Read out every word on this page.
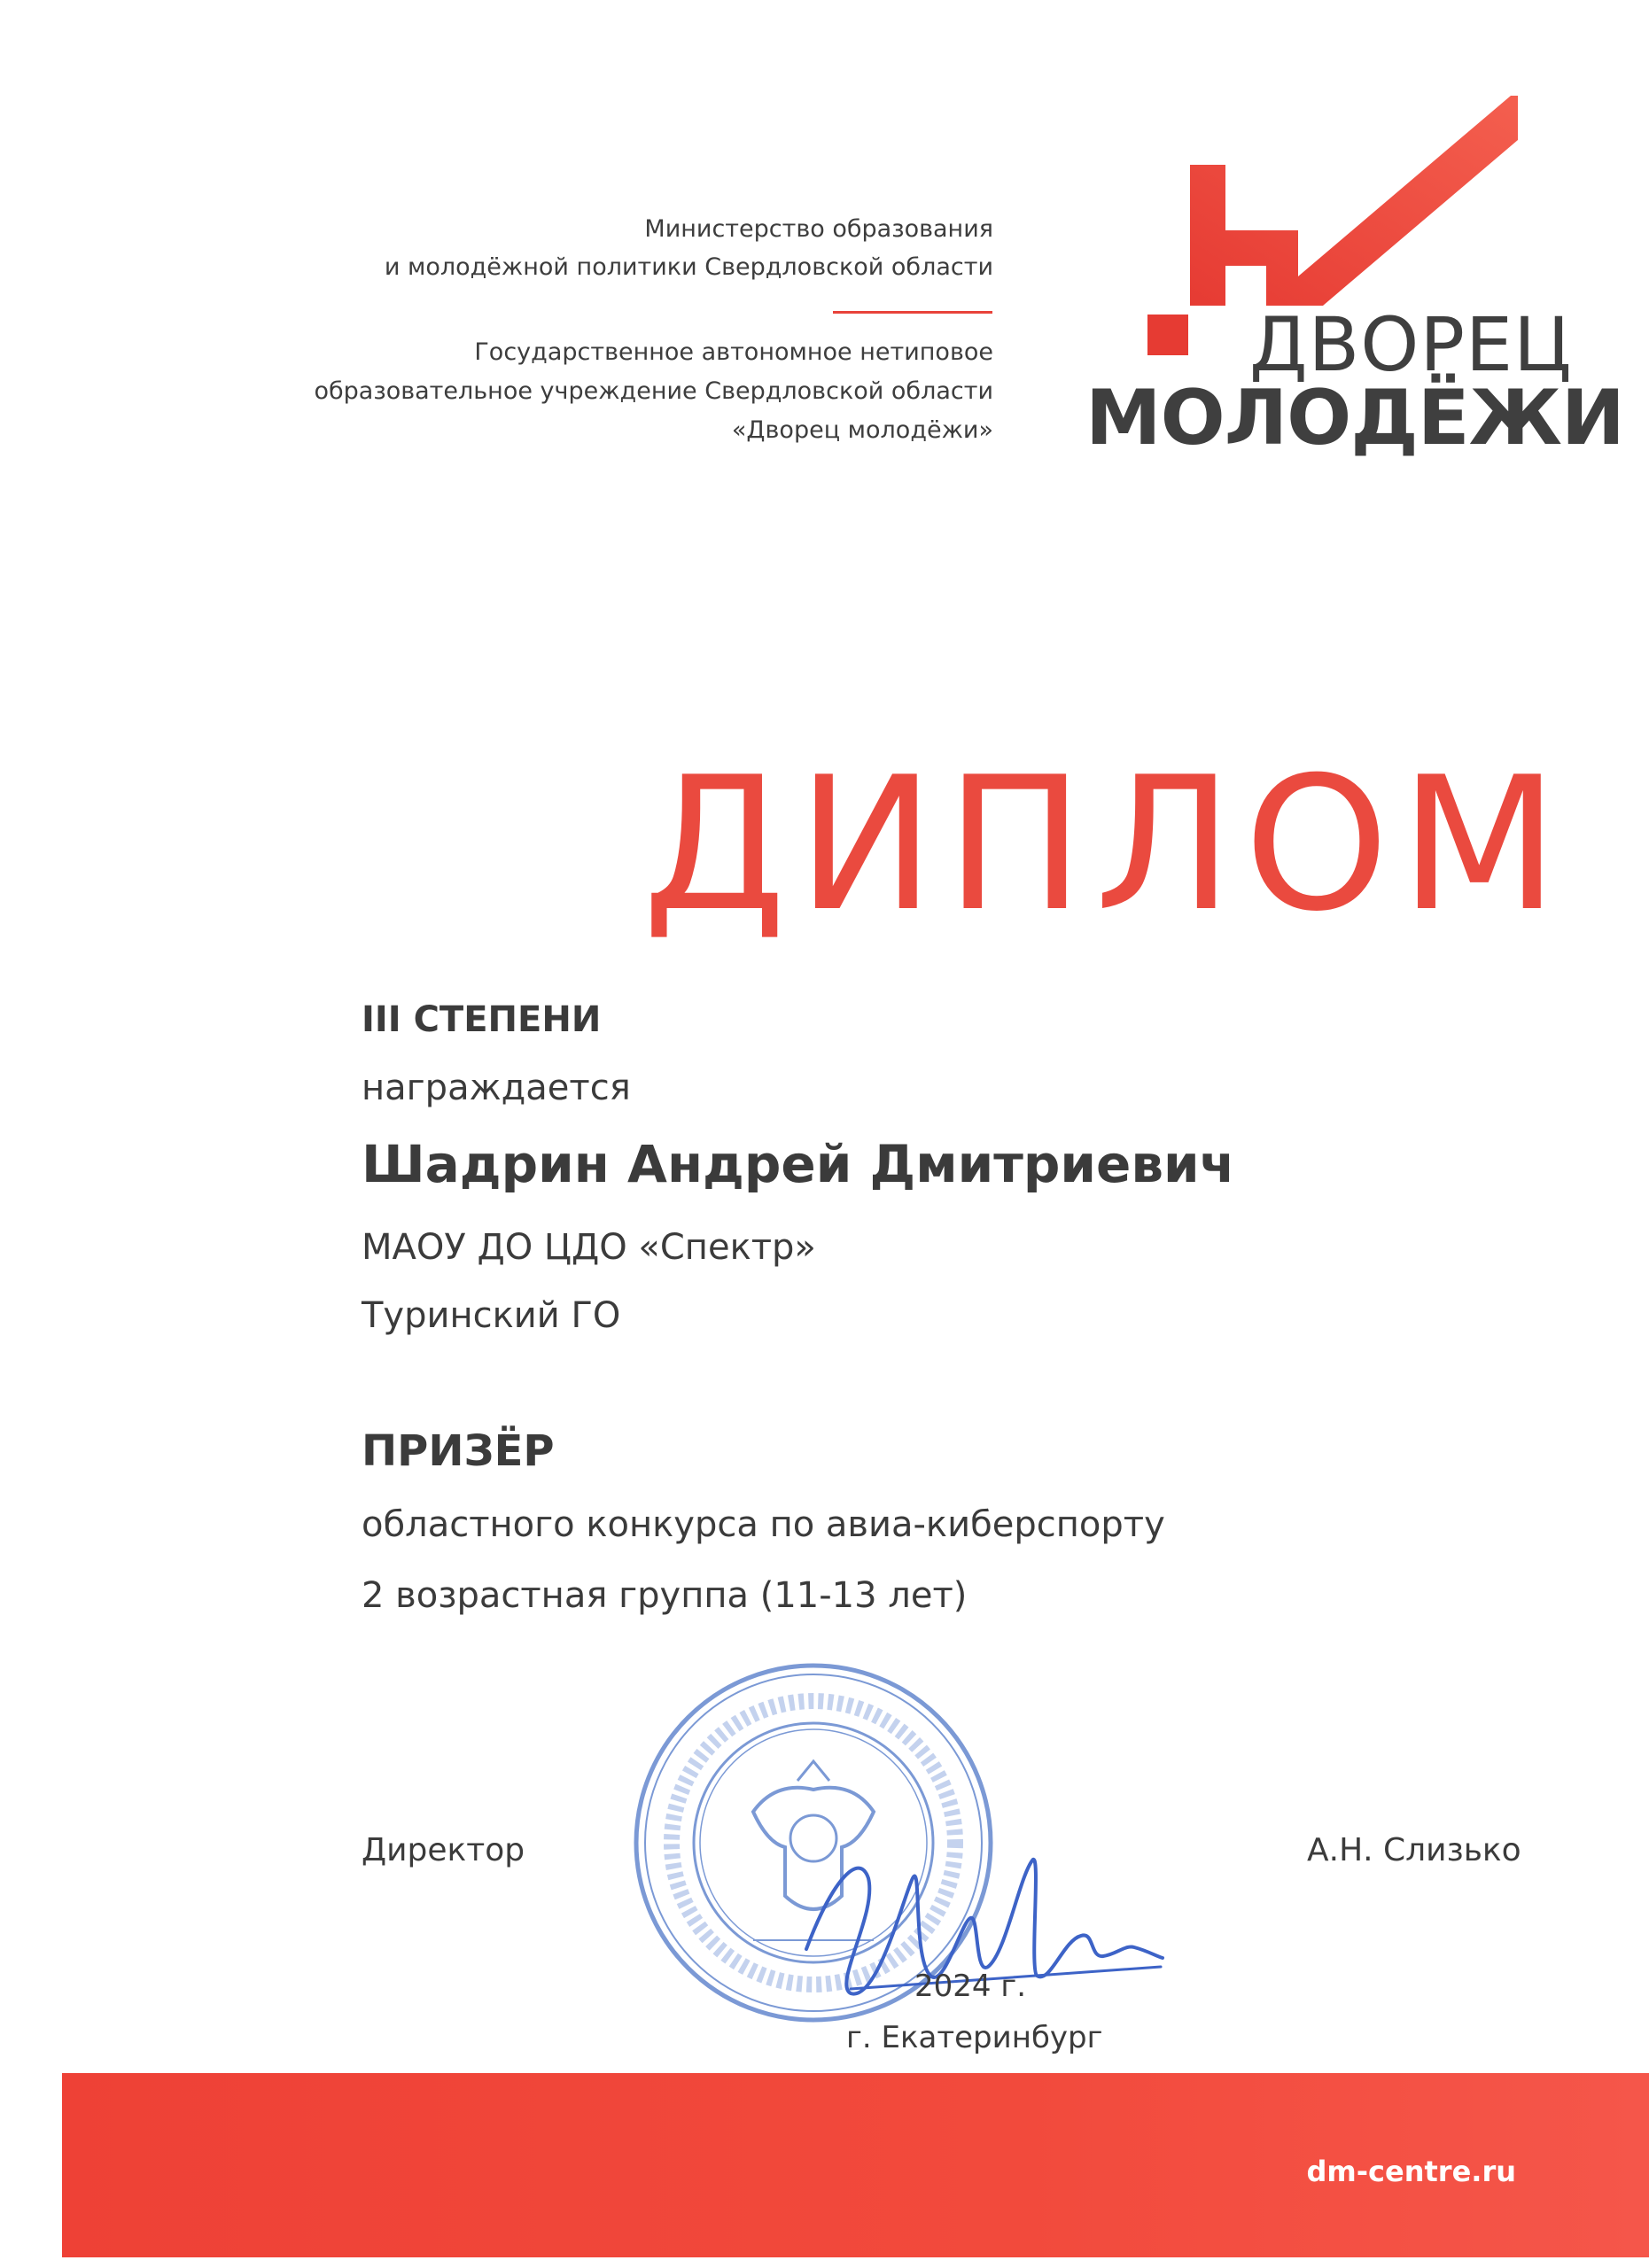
Министерство образования
и молодёжной политики Свердловской области
Государственное автономное нетиповое
образовательное учреждение Свердловской области
«Дворец молодёжи»
ДВОРЕЦ
МОЛОДЁЖИ
ДИПЛОМ
III СТЕПЕНИ
награждается
Шадрин Андрей Дмитриевич
МАОУ ДО ЦДО «Спектр»
Туринский ГО
ПРИЗЁР
областного конкурса по авиа-киберспорту
2 возрастная группа (11-13 лет)
Директор	А.Н. Слизько
2024 г.
г. Екатеринбург
dm-centre.ru
